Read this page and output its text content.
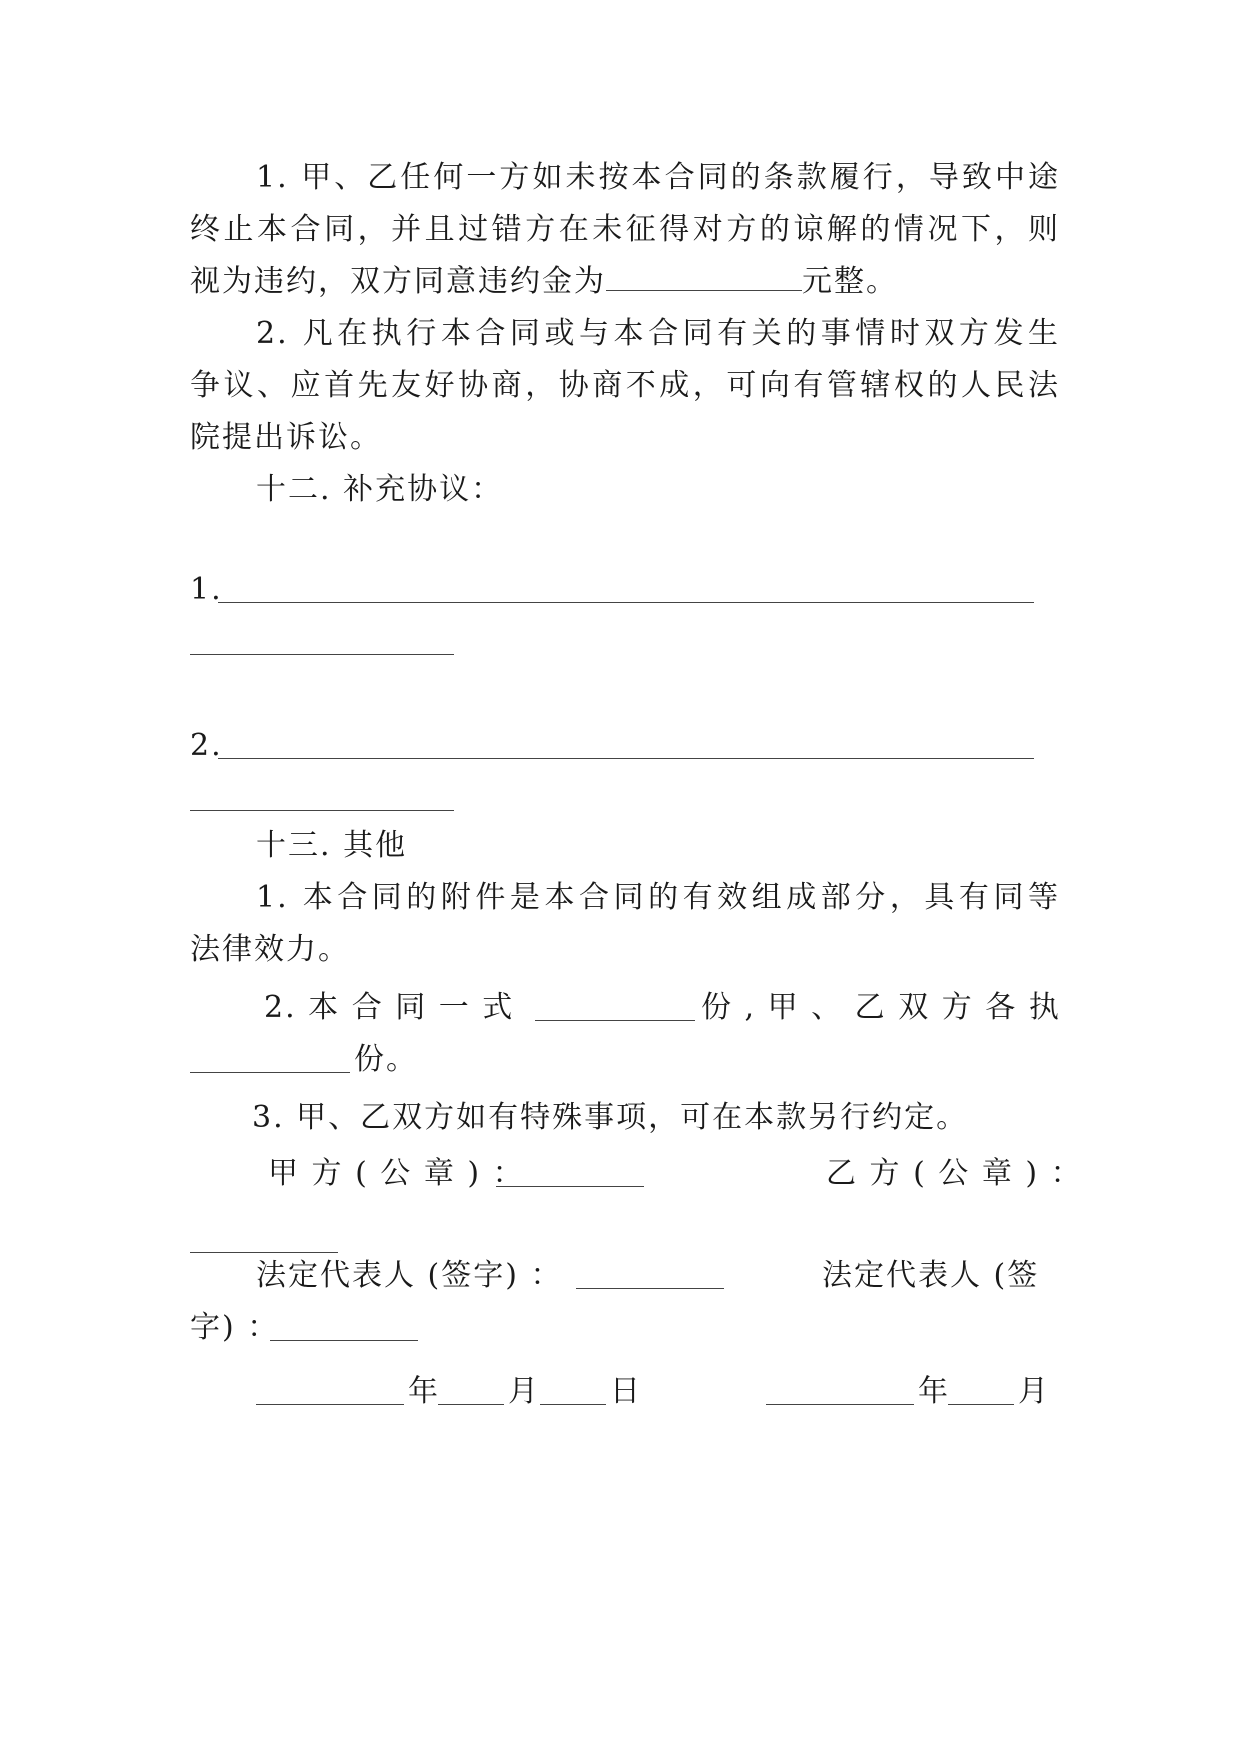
1. 甲、乙任何一方如未按本合同的条款履行，导致中途
终止本合同，并且过错方在未征得对方的谅解的情况下，则
视为违约，双方同意违约金为	元整。
2. 凡在执行本合同或与本合同有关的事情时双方发生
争议、应首先友好协商，协商不成，可向有管辖权的人民法
院提出诉讼。
十二. 补充协议：
1.
2.
十三. 其他
1. 本合同的附件是本合同的有效组成部分，具有同等
法律效力。
2. 本 合 同 一 式	份 , 甲 、 乙 双 方 各 执
份。
3. 甲、乙双方如有特殊事项，可在本款另行约定。
甲 方 ( 公 章 ) ：	乙 方 ( 公 章 ) ：
法定代表人 (签字) ：	法定代表人 (签
字) ：
年 月 日	年 月
